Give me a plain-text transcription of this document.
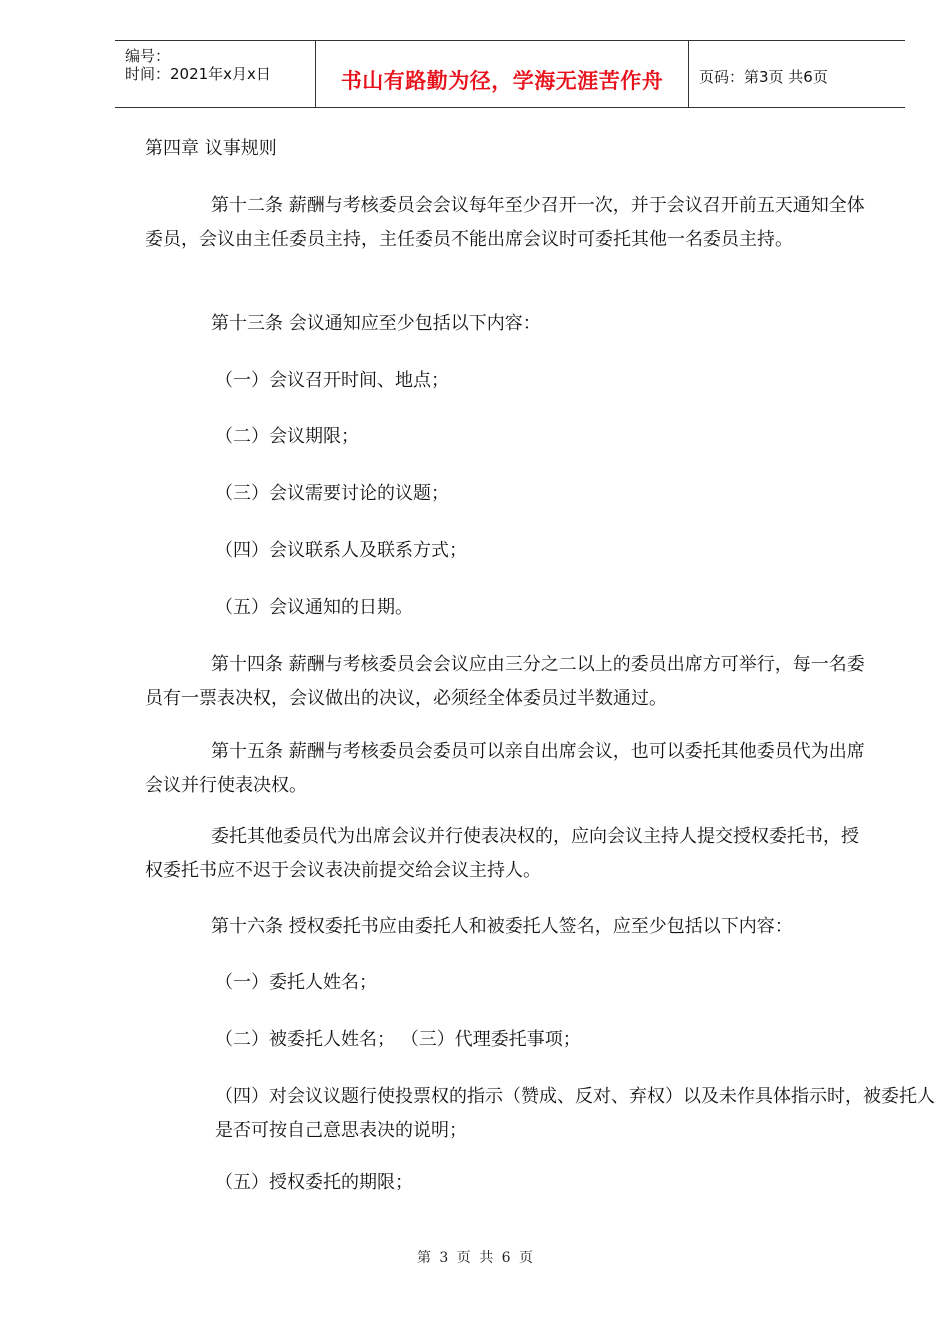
编号：
时间：2021年x月x日	书山有路勤为径，学海无涯苦作舟	页码：第3页 共6页
第四章 议事规则
第十二条 薪酬与考核委员会会议每年至少召开一次，并于会议召开前五天通知全体委员，会议由主任委员主持，主任委员不能出席会议时可委托其他一名委员主持。
第十三条 会议通知应至少包括以下内容：
（一）会议召开时间、地点；
（二）会议期限；
（三）会议需要讨论的议题；
（四）会议联系人及联系方式；
（五）会议通知的日期。
第十四条 薪酬与考核委员会会议应由三分之二以上的委员出席方可举行，每一名委员有一票表决权，会议做出的决议，必须经全体委员过半数通过。
第十五条 薪酬与考核委员会委员可以亲自出席会议，也可以委托其他委员代为出席会议并行使表决权。
委托其他委员代为出席会议并行使表决权的，应向会议主持人提交授权委托书，授权委托书应不迟于会议表决前提交给会议主持人。
第十六条 授权委托书应由委托人和被委托人签名，应至少包括以下内容：
（一）委托人姓名；
（二）被委托人姓名； （三）代理委托事项；
（四）对会议议题行使投票权的指示（赞成、反对、弃权）以及未作具体指示时，被委托人是否可按自己意思表决的说明；
（五）授权委托的期限；
第 3 页 共 6 页
